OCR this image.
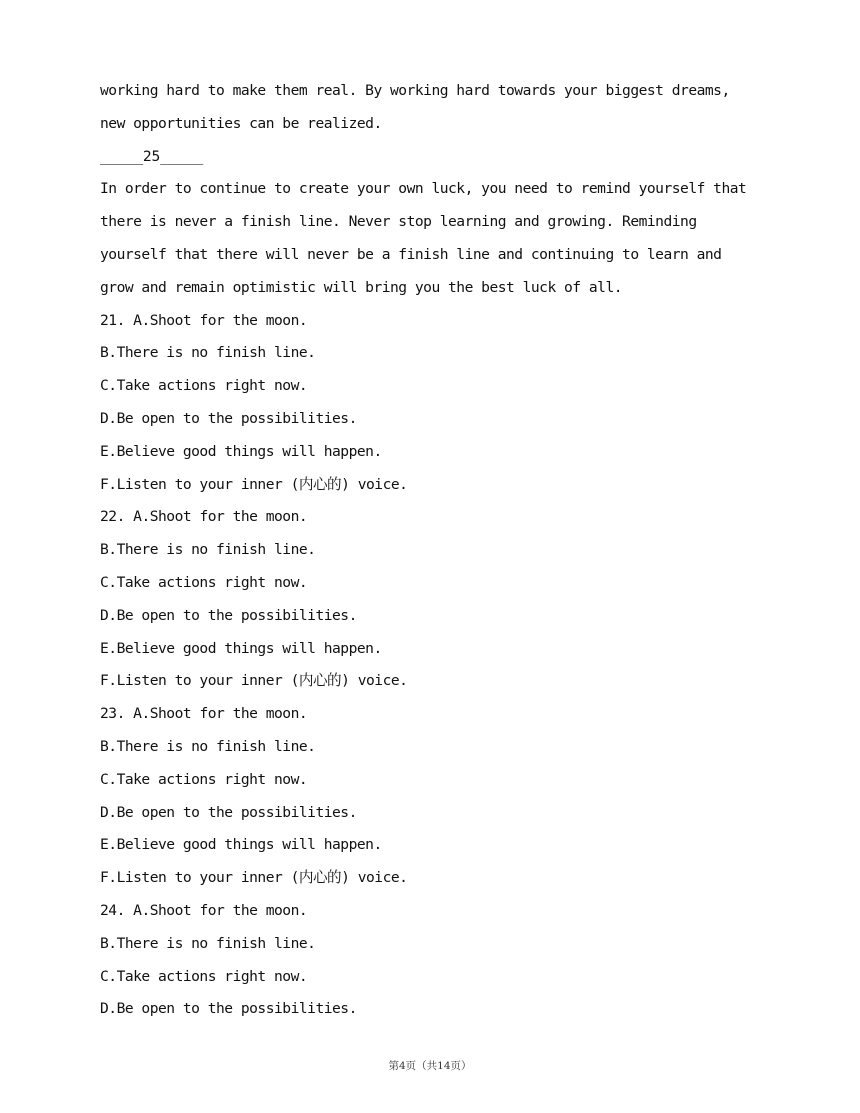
working hard to make them real. By working hard towards your biggest dreams,
new opportunities can be realized.
_____25_____
In order to continue to create your own luck, you need to remind yourself that
there is never a finish line. Never stop learning and growing. Reminding
yourself that there will never be a finish line and continuing to learn and
grow and remain optimistic will bring you the best luck of all.
21. A.Shoot for the moon.
B.There is no finish line.
C.Take actions right now.
D.Be open to the possibilities.
E.Believe good things will happen.
F.Listen to your inner (内心的) voice.
22. A.Shoot for the moon.
B.There is no finish line.
C.Take actions right now.
D.Be open to the possibilities.
E.Believe good things will happen.
F.Listen to your inner (内心的) voice.
23. A.Shoot for the moon.
B.There is no finish line.
C.Take actions right now.
D.Be open to the possibilities.
E.Believe good things will happen.
F.Listen to your inner (内心的) voice.
24. A.Shoot for the moon.
B.There is no finish line.
C.Take actions right now.
D.Be open to the possibilities.
第4页（共14页）
